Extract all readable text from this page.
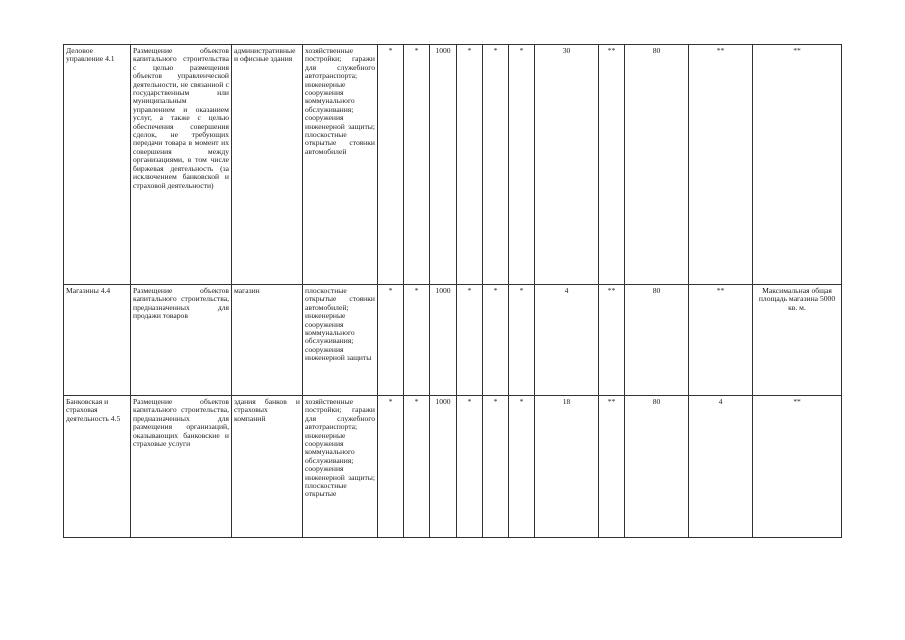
Деловое управление 4.1	Размещение объектов капитального строительства с целью размещения объектов управленческой деятельности, не связанной с государственным или муниципальным управлением и оказанием услуг, а также с целью обеспечения совершения сделок, не требующих передачи товара в момент их совершения между организациями, в том числе биржевая деятельность (за исключением банковской и страховой деятельности)	административные и офисные здания	хозяйственные постройки; гаражи для служебного автотранспорта; инженерные сооружения коммунального обслуживания; сооружения инженерной защиты; плоскостные открытые стоянки автомобилей	*	*	1000	*	*	*	30	**	80	**	**
Магазины 4.4	Размещение объектов капитального строительства, предназначенных для продажи товаров	магазин	плоскостные открытые стоянки автомобилей; инженерные сооружения коммунального обслуживания; сооружения инженерной защиты	*	*	1000	*	*	*	4	**	80	**	Максимальная общая площадь магазина 5000 кв. м.
Банковская и страховая деятельность 4.5	Размещение объектов капитального строительства, предназначенных для размещения организаций, оказывающих банковские и страховые услуги	здания банков и страховых компаний	хозяйственные постройки; гаражи для служебного автотранспорта; инженерные сооружения коммунального обслуживания; сооружения инженерной защиты; плоскостные открытые	*	*	1000	*	*	*	18	**	80	4	**
